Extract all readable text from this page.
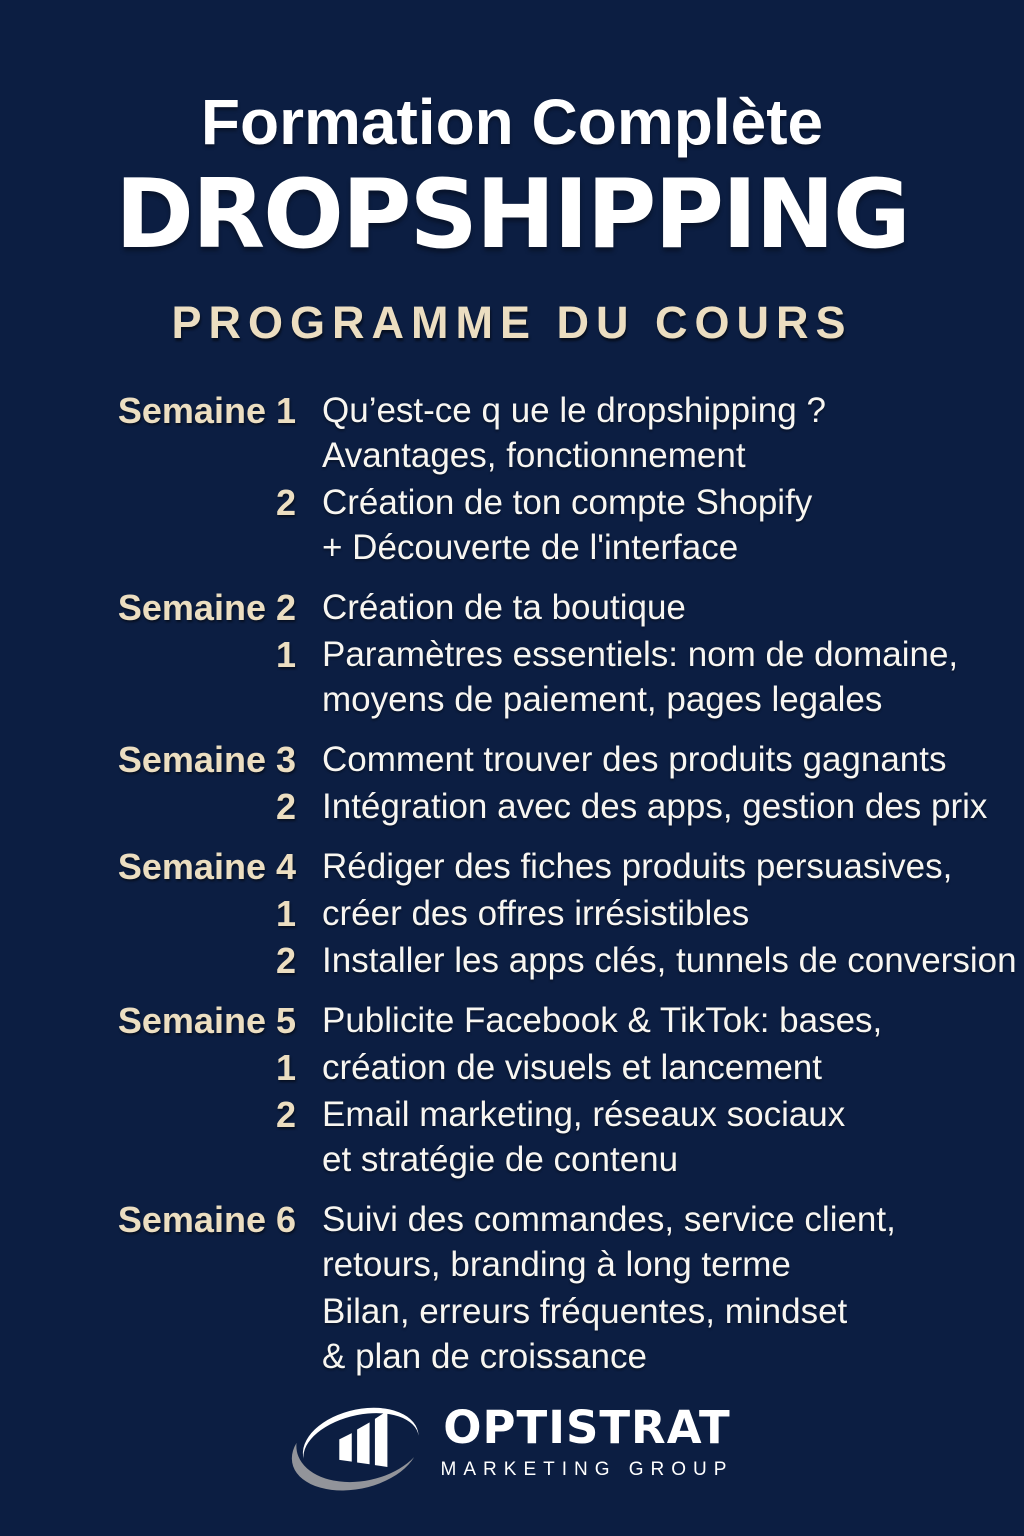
Formation Complète
DROPSHIPPING
PROGRAMME DU COURS
Semaine 1 Qu’est-ce q ue le dropshipping ?
Avantages, fonctionnement
2 Création de ton compte Shopify
+ Découverte de l'interface
Semaine 2 Création de ta boutique
1 Paramètres essentiels: nom de domaine,
moyens de paiement, pages legales
Semaine 3 Comment trouver des produits gagnants
2 Intégration avec des apps, gestion des prix
Semaine 4 Rédiger des fiches produits persuasives,
1 créer des offres irrésistibles
2 Installer les apps clés, tunnels de conversion
Semaine 5 Publicite Facebook & TikTok: bases,
1 création de visuels et lancement
2 Email marketing, réseaux sociaux
et stratégie de contenu
Semaine 6 Suivi des commandes, service client,
retours, branding à long terme
Bilan, erreurs fréquentes, mindset
& plan de croissance
OPTISTRAT
MARKETING GROUP
